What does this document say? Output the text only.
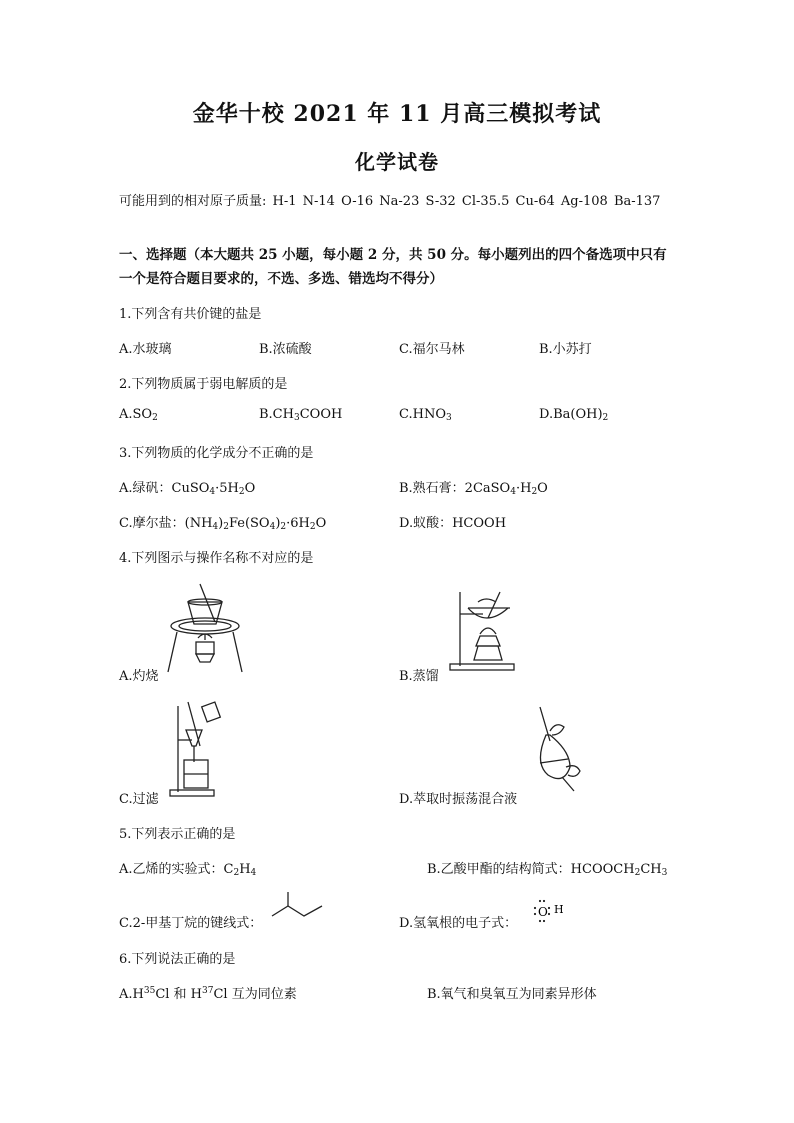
金华十校 2021 年 11 月高三模拟考试
化学试卷
可能用到的相对原子质量: H-1 N-14 O-16 Na-23 S-32 Cl-35.5 Cu-64 Ag-108 Ba-137
一、选择题（本大题共 25 小题，每小题 2 分，共 50 分。每小题列出的四个备选项中只有一个是符合题目要求的，不选、多选、错选均不得分）
1.下列含有共价键的盐是
A.水玻璃	B.浓硫酸	C.福尔马林	B.小苏打
2.下列物质属于弱电解质的是
$A.SO_2$	$B.CH_3COOH$	$C.HNO_3$	$D.Ba(OH)_2$
3.下列物质的化学成分不正确的是
A.绿矾：$CuSO_4\cdot 5H_2O$	B.熟石膏：$2CaSO_4\cdot H_2O$
C.摩尔盐：$(NH_4)_2Fe(SO_4)_2\cdot 6H_2O$	D.蚁酸：HCOOH
4.下列图示与操作名称不对应的是
A.灼烧	B.蒸馏
C.过滤	D.萃取时振荡混合液
5.下列表示正确的是
A.乙烯的实验式：$C_2H_4$	B.乙酸甲酯的结构简式：$HCOOCH_2CH_3$
C.2-甲基丁烷的键线式：	D.氢氧根的电子式：
O H
6.下列说法正确的是
$A.H^{35}Cl$ 和 $H^{37}Cl$ 互为同位素	B.氧气和臭氧互为同素异形体
